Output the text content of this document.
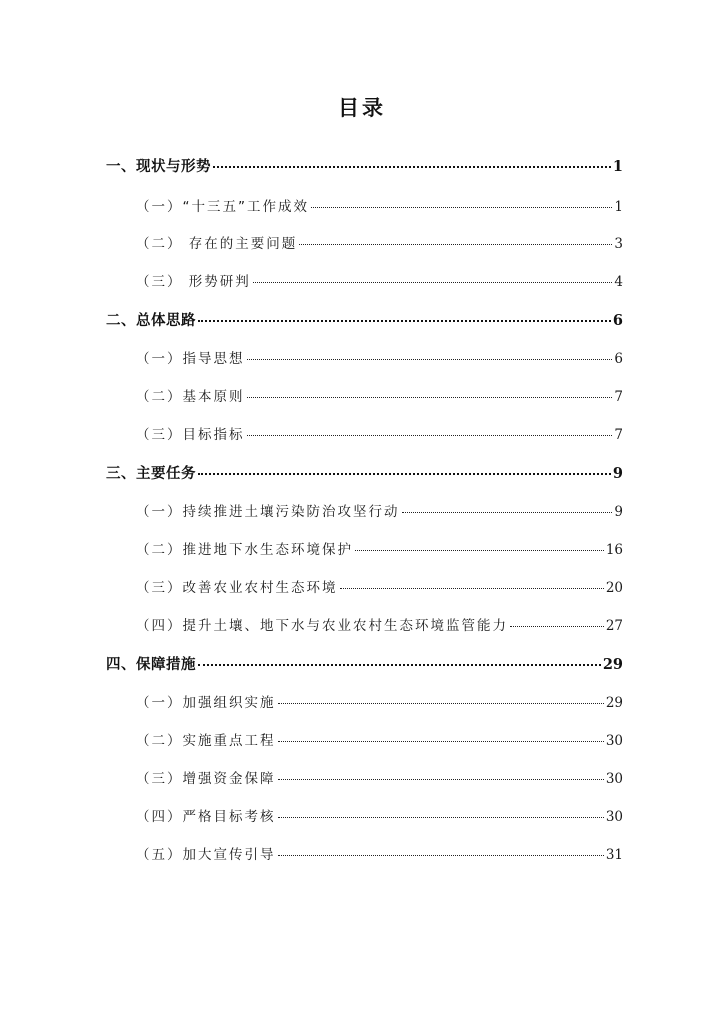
目录
一、现状与形势	1
（一）“十三五”工作成效	1
（二） 存在的主要问题	3
（三） 形势研判	4
二、总体思路	6
（一）指导思想	6
（二）基本原则	7
（三）目标指标	7
三、主要任务	9
（一）持续推进土壤污染防治攻坚行动	9
（二）推进地下水生态环境保护	16
（三）改善农业农村生态环境	20
（四）提升土壤、地下水与农业农村生态环境监管能力	27
四、保障措施	29
（一）加强组织实施	29
（二）实施重点工程	30
（三）增强资金保障	30
（四）严格目标考核	30
（五）加大宣传引导	31
